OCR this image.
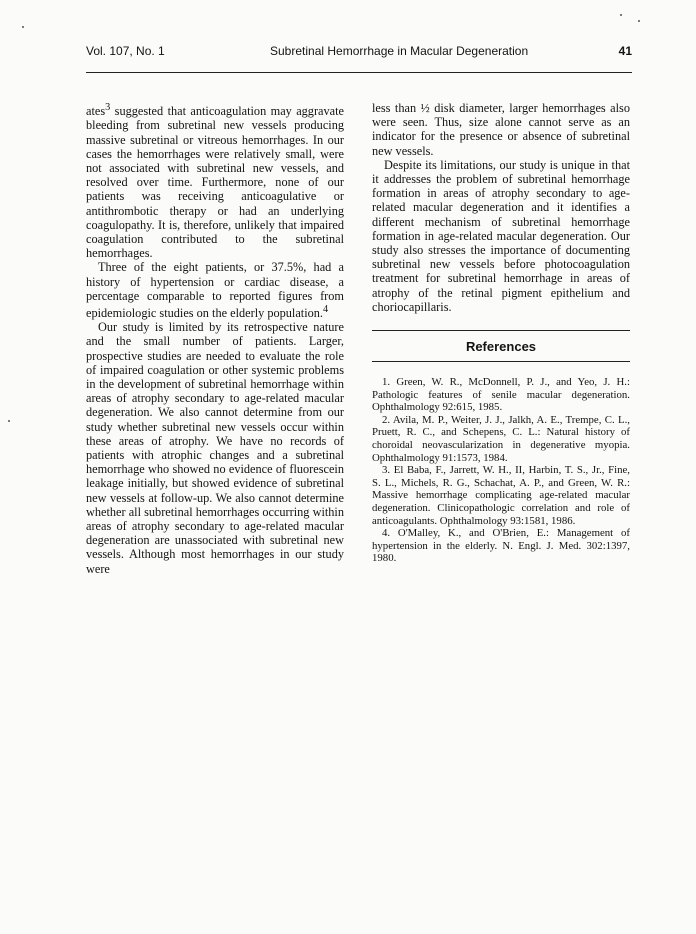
Vol. 107, No. 1	Subretinal Hemorrhage in Macular Degeneration	41

ates$^3$ suggested that anticoagulation may aggravate bleeding from subretinal new vessels producing massive subretinal or vitreous hemorrhages. In our cases the hemorrhages were relatively small, were not associated with subretinal new vessels, and resolved over time. Furthermore, none of our patients was receiving anticoagulative or antithrombotic therapy or had an underlying coagulopathy. It is, therefore, unlikely that impaired coagulation contributed to the subretinal hemorrhages.

Three of the eight patients, or 37.5%, had a history of hypertension or cardiac disease, a percentage comparable to reported figures from epidemiologic studies on the elderly population.$^4$

Our study is limited by its retrospective nature and the small number of patients. Larger, prospective studies are needed to evaluate the role of impaired coagulation or other systemic problems in the development of subretinal hemorrhage within areas of atrophy secondary to age-related macular degeneration. We also cannot determine from our study whether subretinal new vessels occur within these areas of atrophy. We have no records of patients with atrophic changes and a subretinal hemorrhage who showed no evidence of fluorescein leakage initially, but showed evidence of subretinal new vessels at follow-up. We also cannot determine whether all subretinal hemorrhages occurring within areas of atrophy secondary to age-related macular degeneration are unassociated with subretinal new vessels. Although most hemorrhages in our study were

less than ½ disk diameter, larger hemorrhages also were seen. Thus, size alone cannot serve as an indicator for the presence or absence of subretinal new vessels.

Despite its limitations, our study is unique in that it addresses the problem of subretinal hemorrhage formation in areas of atrophy secondary to age-related macular degeneration and it identifies a different mechanism of subretinal hemorrhage formation in age-related macular degeneration. Our study also stresses the importance of documenting subretinal new vessels before photocoagulation treatment for subretinal hemorrhage in areas of atrophy of the retinal pigment epithelium and choriocapillaris.

References

1. Green, W. R., McDonnell, P. J., and Yeo, J. H.: Pathologic features of senile macular degeneration. Ophthalmology 92:615, 1985.

2. Avila, M. P., Weiter, J. J., Jalkh, A. E., Trempe, C. L., Pruett, R. C., and Schepens, C. L.: Natural history of choroidal neovascularization in degenerative myopia. Ophthalmology 91:1573, 1984.

3. El Baba, F., Jarrett, W. H., II, Harbin, T. S., Jr., Fine, S. L., Michels, R. G., Schachat, A. P., and Green, W. R.: Massive hemorrhage complicating age-related macular degeneration. Clinicopathologic correlation and role of anticoagulants. Ophthalmology 93:1581, 1986.

4. O'Malley, K., and O'Brien, E.: Management of hypertension in the elderly. N. Engl. J. Med. 302:1397, 1980.
